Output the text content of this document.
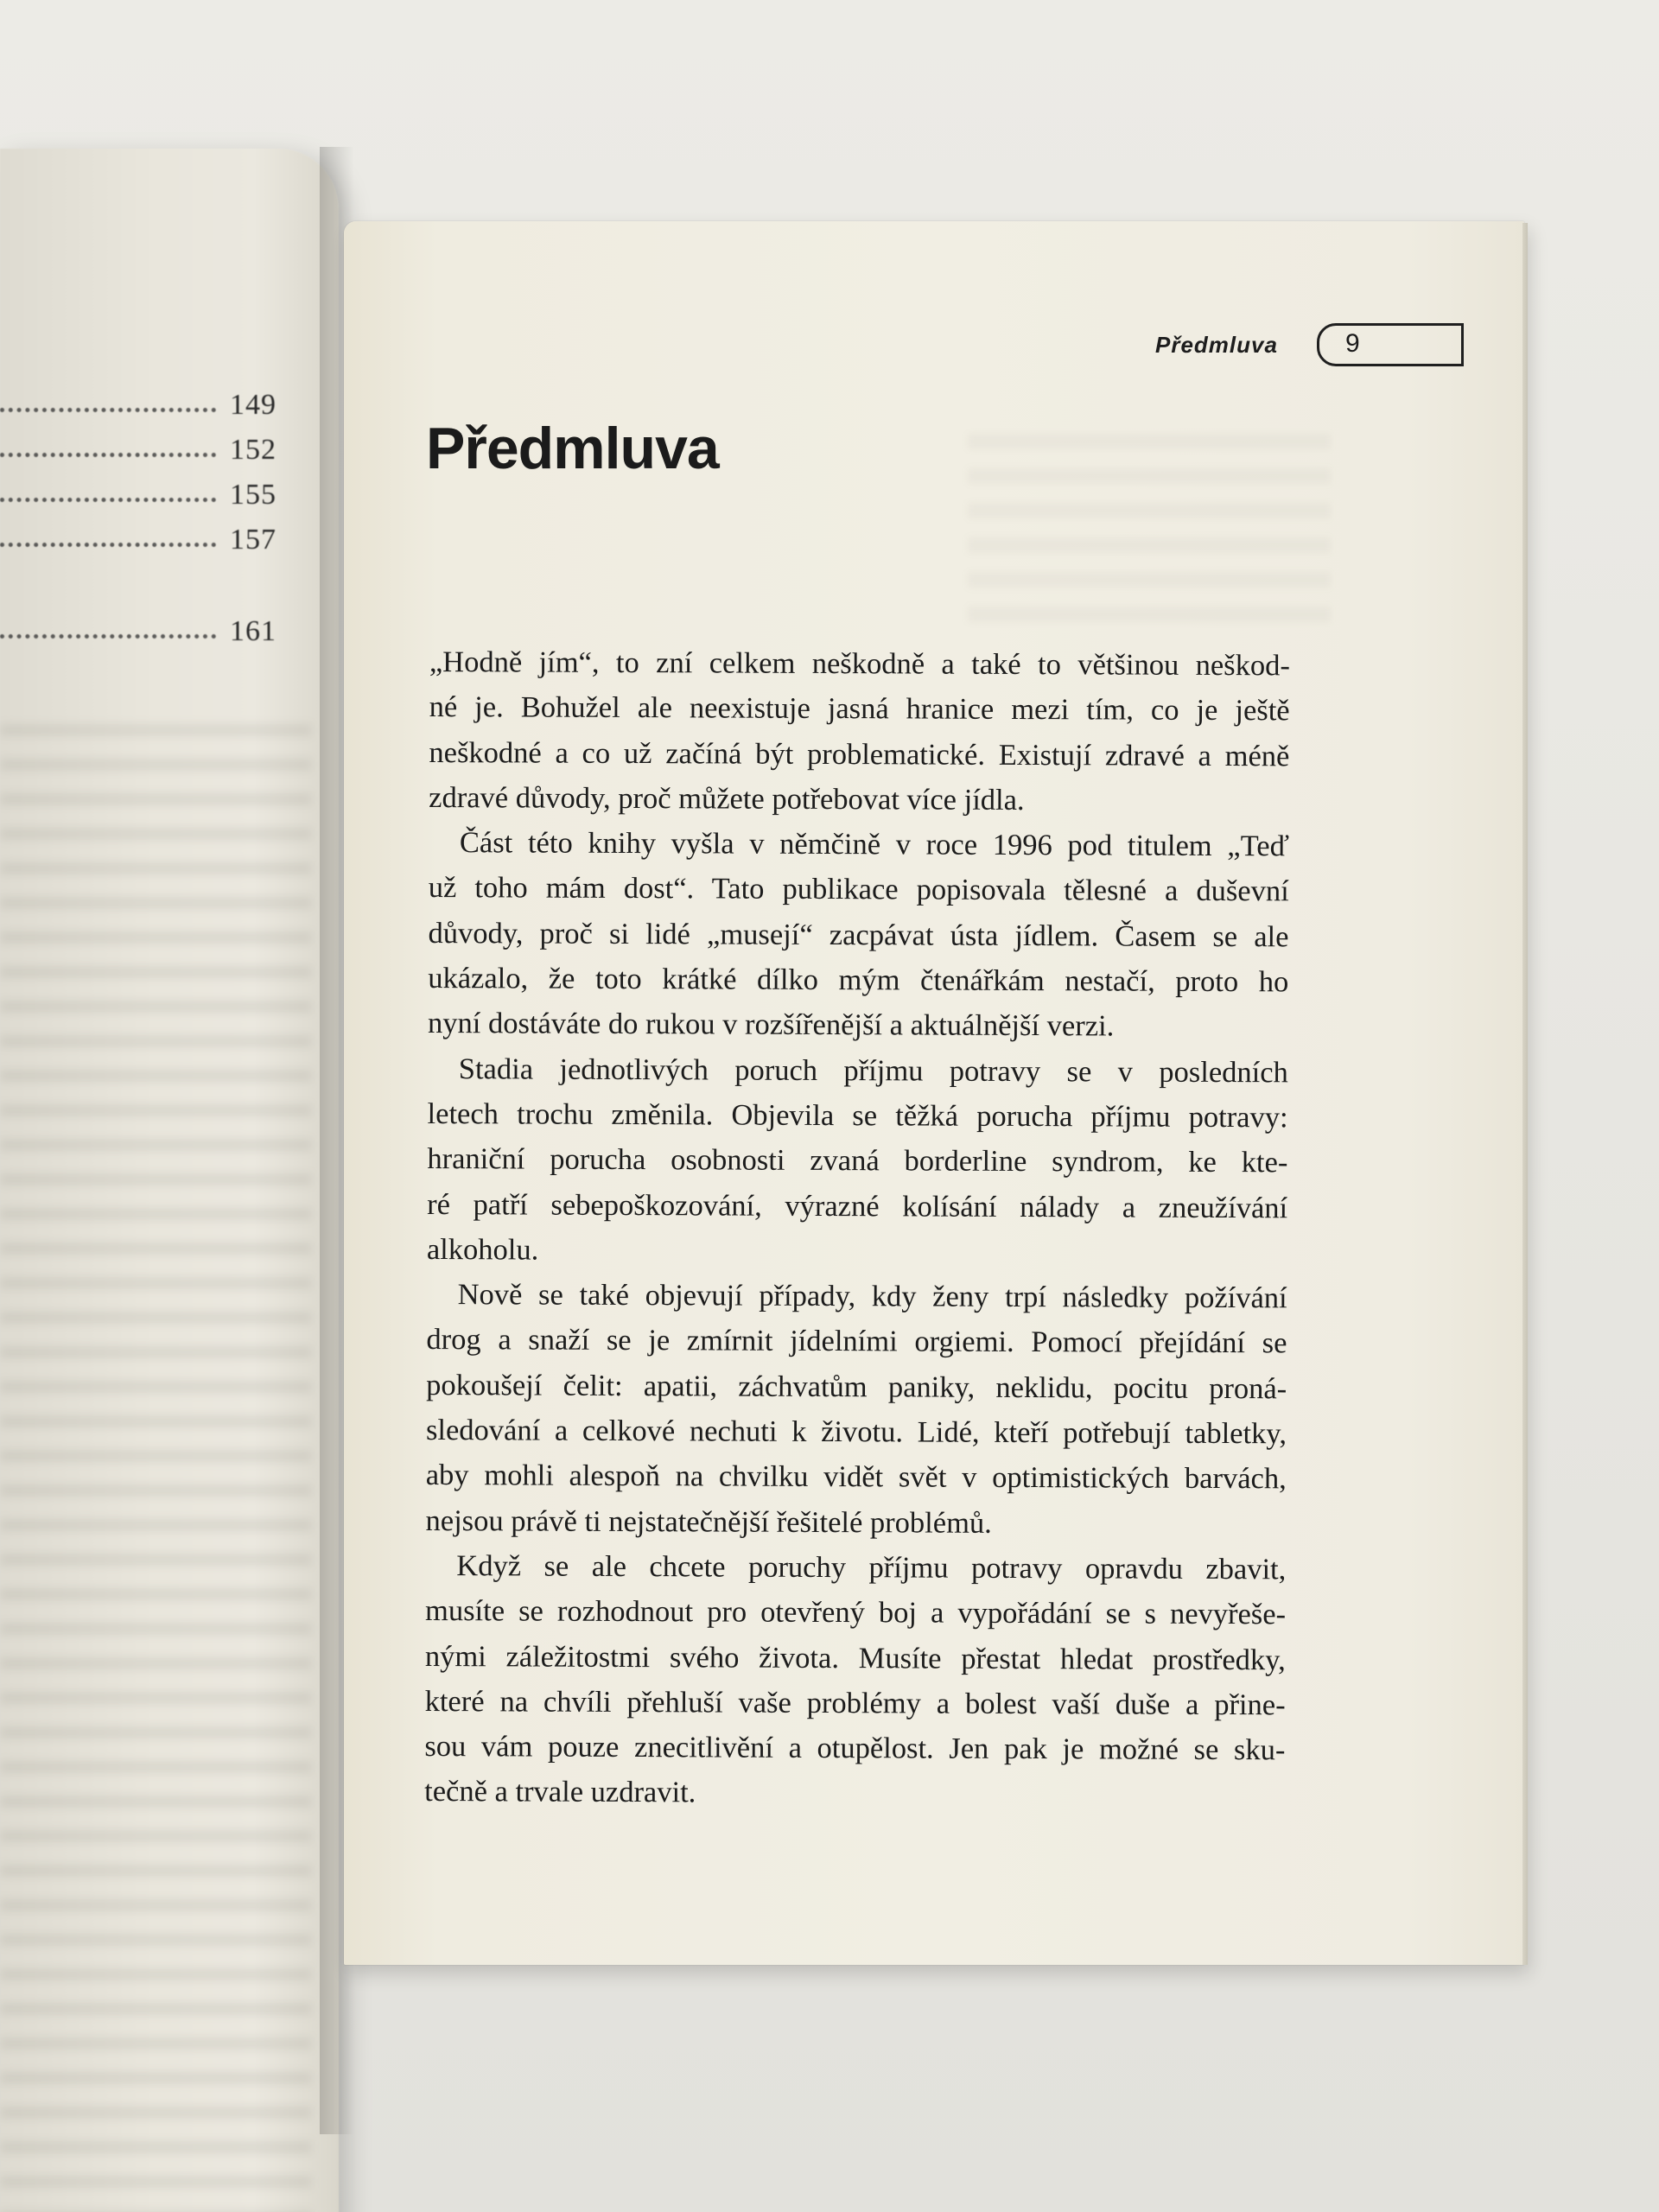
149
152
155
157
161
Předmluva	9
Předmluva
„Hodně jím“, to zní celkem neškodně a také to většinou neškod-
né je. Bohužel ale neexistuje jasná hranice mezi tím, co je ještě
neškodné a co už začíná být problematické. Existují zdravé a méně
zdravé důvody, proč můžete potřebovat více jídla.
Část této knihy vyšla v němčině v roce 1996 pod titulem „Teď
už toho mám dost“. Tato publikace popisovala tělesné a duševní
důvody, proč si lidé „musejí“ zacpávat ústa jídlem. Časem se ale
ukázalo, že toto krátké dílko mým čtenářkám nestačí, proto ho
nyní dostáváte do rukou v rozšířenější a aktuálnější verzi.
Stadia jednotlivých poruch příjmu potravy se v posledních
letech trochu změnila. Objevila se těžká porucha příjmu potravy:
hraniční porucha osobnosti zvaná borderline syndrom, ke kte-
ré patří sebepoškozování, výrazné kolísání nálady a zneužívání
alkoholu.
Nově se také objevují případy, kdy ženy trpí následky požívání
drog a snaží se je zmírnit jídelními orgiemi. Pomocí přejídání se
pokoušejí čelit: apatii, záchvatům paniky, neklidu, pocitu proná-
sledování a celkové nechuti k životu. Lidé, kteří potřebují tabletky,
aby mohli alespoň na chvilku vidět svět v optimistických barvách,
nejsou právě ti nejstatečnější řešitelé problémů.
Když se ale chcete poruchy příjmu potravy opravdu zbavit,
musíte se rozhodnout pro otevřený boj a vypořádání se s nevyřeše-
nými záležitostmi svého života. Musíte přestat hledat prostředky,
které na chvíli přehluší vaše problémy a bolest vaší duše a přine-
sou vám pouze znecitlivění a otupělost. Jen pak je možné se sku-
tečně a trvale uzdravit.
